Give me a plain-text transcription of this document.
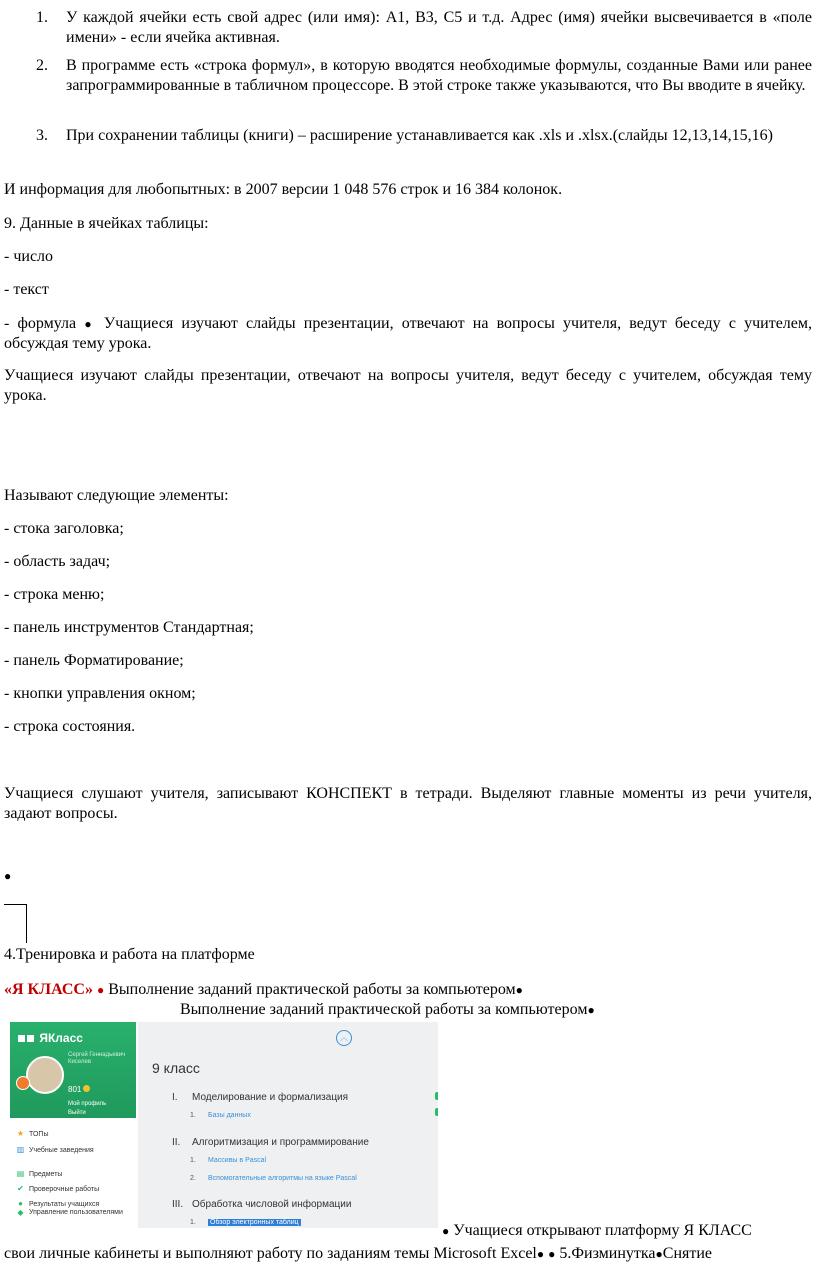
1.	У каждой ячейки есть свой адрес (или имя): А1, В3, С5 и т.д. Адрес (имя) ячейки высвечивается в «поле имени» - если ячейка активная.
2.	В программе есть «строка формул», в которую вводятся необходимые формулы, созданные Вами или ранее запрограммированные в табличном процессоре. В этой строке также указываются, что Вы вводите в ячейку.
3.	При сохранении таблицы (книги) – расширение устанавливается как .xls и .xlsx.(слайды 12,13,14,15,16)

И информация для любопытных: в 2007 версии 1 048 576 строк и 16 384 колонок.

9. Данные в ячейках таблицы:

- число

- текст

- формула ● Учащиеся изучают слайды презентации, отвечают на вопросы учителя, ведут беседу с учителем, обсуждая тему урока.

Учащиеся изучают слайды презентации, отвечают на вопросы учителя, ведут беседу с учителем, обсуждая тему урока.

Называют следующие элементы:

- стока заголовка;

- область задач;

- строка меню;

- панель инструментов Стандартная;

- панель Форматирование;

- кнопки управления окном;

- строка состояния.

Учащиеся слушают учителя, записывают КОНСПЕКТ в тетради. Выделяют главные моменты из речи учителя, задают вопросы.

●

4.Тренировка и работа на платформе

«Я КЛАСС» ● Выполнение заданий практической работы за компьютером●

Выполнение заданий практической работы за компьютером●

ЯКласс
Сергей Геннадьевич Киселев
801
Мой профиль
Выйти
★ ТОПы
▥ Учебные заведения
▤ Предметы
✔ Проверочные работы
● Результаты учащихся
◆ Управление пользователями
︿
9 класс
I. Моделирование и формализация
1. Базы данных
II. Алгоритмизация и программирование
1. Массивы в Pascal
2. Вспомогательные алгоритмы на языке Pascal
III. Обработка числовой информации
1. Обзор электронных таблиц

● Учащиеся открывают платформу Я КЛАСС

свои личные кабинеты и выполняют работу по заданиям темы Microsoft Excel● ● 5.Физминутка●Снятие
